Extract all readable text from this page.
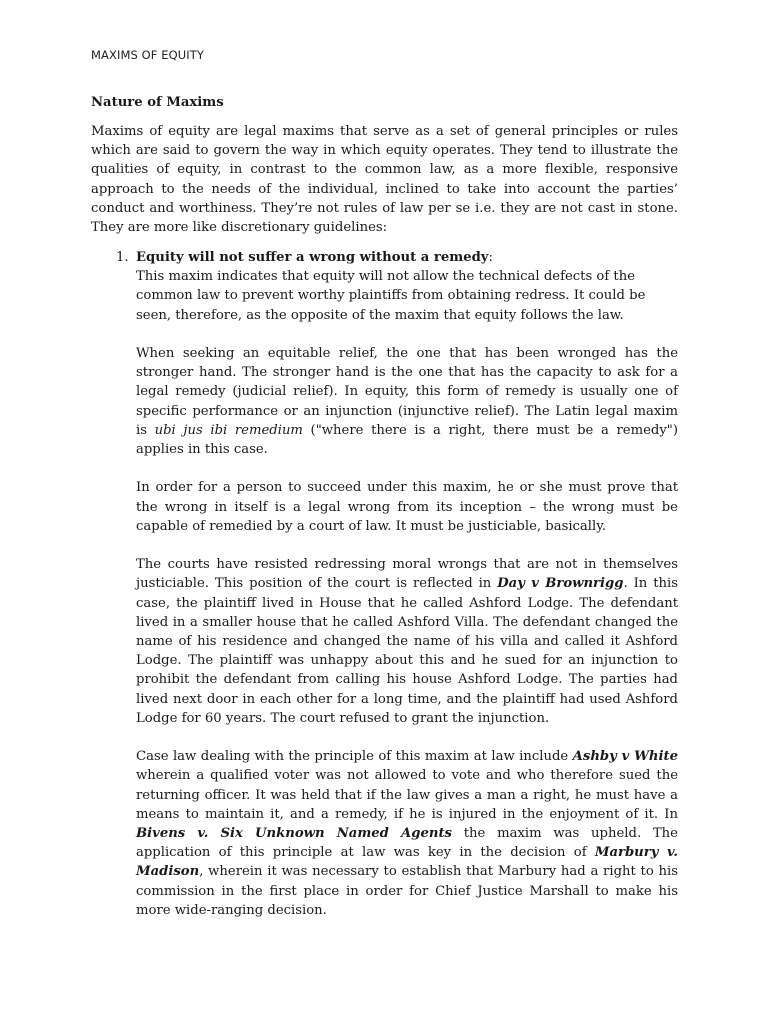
MAXIMS OF EQUITY
Nature of Maxims

Maxims of equity are legal maxims that serve as a set of general principles or rules which are said to govern the way in which equity operates. They tend to illustrate the qualities of equity, in contrast to the common law, as a more flexible, responsive approach to the needs of the individual, inclined to take into account the parties’ conduct and worthiness. They’re not rules of law per se i.e. they are not cast in stone. They are more like discretionary guidelines:

1. Equity will not suffer a wrong without a remedy:

This maxim indicates that equity will not allow the technical defects of the common law to prevent worthy plaintiffs from obtaining redress. It could be seen, therefore, as the opposite of the maxim that equity follows the law.

When seeking an equitable relief, the one that has been wronged has the stronger hand. The stronger hand is the one that has the capacity to ask for a legal remedy (judicial relief). In equity, this form of remedy is usually one of specific performance or an injunction (injunctive relief). The Latin legal maxim is ubi jus ibi remedium ("where there is a right, there must be a remedy") applies in this case.

In order for a person to succeed under this maxim, he or she must prove that the wrong in itself is a legal wrong from its inception – the wrong must be capable of remedied by a court of law. It must be justiciable, basically.

The courts have resisted redressing moral wrongs that are not in themselves justiciable. This position of the court is reflected in Day v Brownrigg. In this case, the plaintiff lived in House that he called Ashford Lodge. The defendant lived in a smaller house that he called Ashford Villa. The defendant changed the name of his residence and changed the name of his villa and called it Ashford Lodge. The plaintiff was unhappy about this and he sued for an injunction to prohibit the defendant from calling his house Ashford Lodge. The parties had lived next door in each other for a long time, and the plaintiff had used Ashford Lodge for 60 years. The court refused to grant the injunction.

Case law dealing with the principle of this maxim at law include Ashby v White wherein a qualified voter was not allowed to vote and who therefore sued the returning officer. It was held that if the law gives a man a right, he must have a means to maintain it, and a remedy, if he is injured in the enjoyment of it. In Bivens v. Six Unknown Named Agents the maxim was upheld. The application of this principle at law was key in the decision of Marbury v. Madison, wherein it was necessary to establish that Marbury had a right to his commission in the first place in order for Chief Justice Marshall to make his more wide-ranging decision.
